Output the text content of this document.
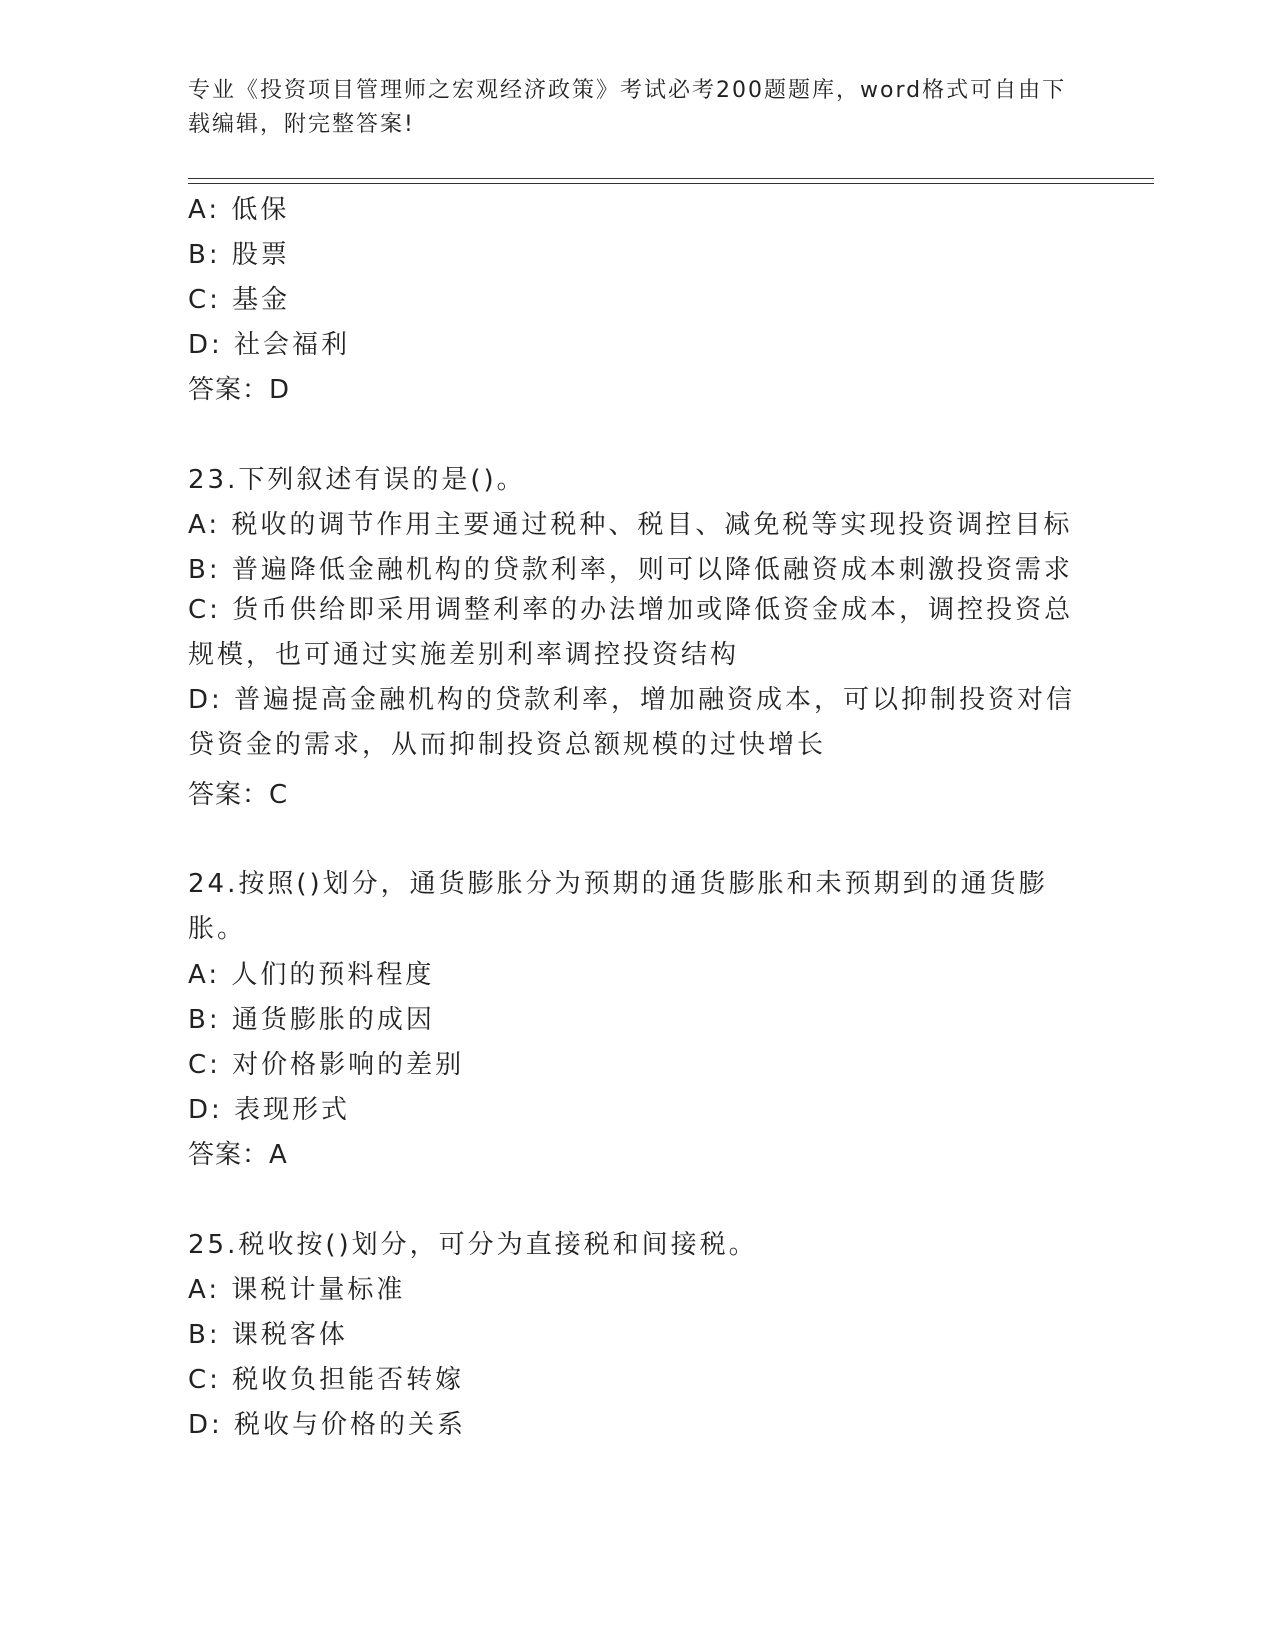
专业《投资项目管理师之宏观经济政策》考试必考200题题库，word格式可自由下载编辑，附完整答案!
A: 低保
B: 股票
C: 基金
D: 社会福利
答案：D
23.下列叙述有误的是()。
A: 税收的调节作用主要通过税种、税目、减免税等实现投资调控目标
B: 普遍降低金融机构的贷款利率，则可以降低融资成本刺激投资需求
C: 货币供给即采用调整利率的办法增加或降低资金成本，调控投资总规模，也可通过实施差别利率调控投资结构
D: 普遍提高金融机构的贷款利率，增加融资成本，可以抑制投资对信贷资金的需求，从而抑制投资总额规模的过快增长
答案：C
24.按照()划分，通货膨胀分为预期的通货膨胀和未预期到的通货膨胀。
A: 人们的预料程度
B: 通货膨胀的成因
C: 对价格影响的差别
D: 表现形式
答案：A
25.税收按()划分，可分为直接税和间接税。
A: 课税计量标准
B: 课税客体
C: 税收负担能否转嫁
D: 税收与价格的关系
